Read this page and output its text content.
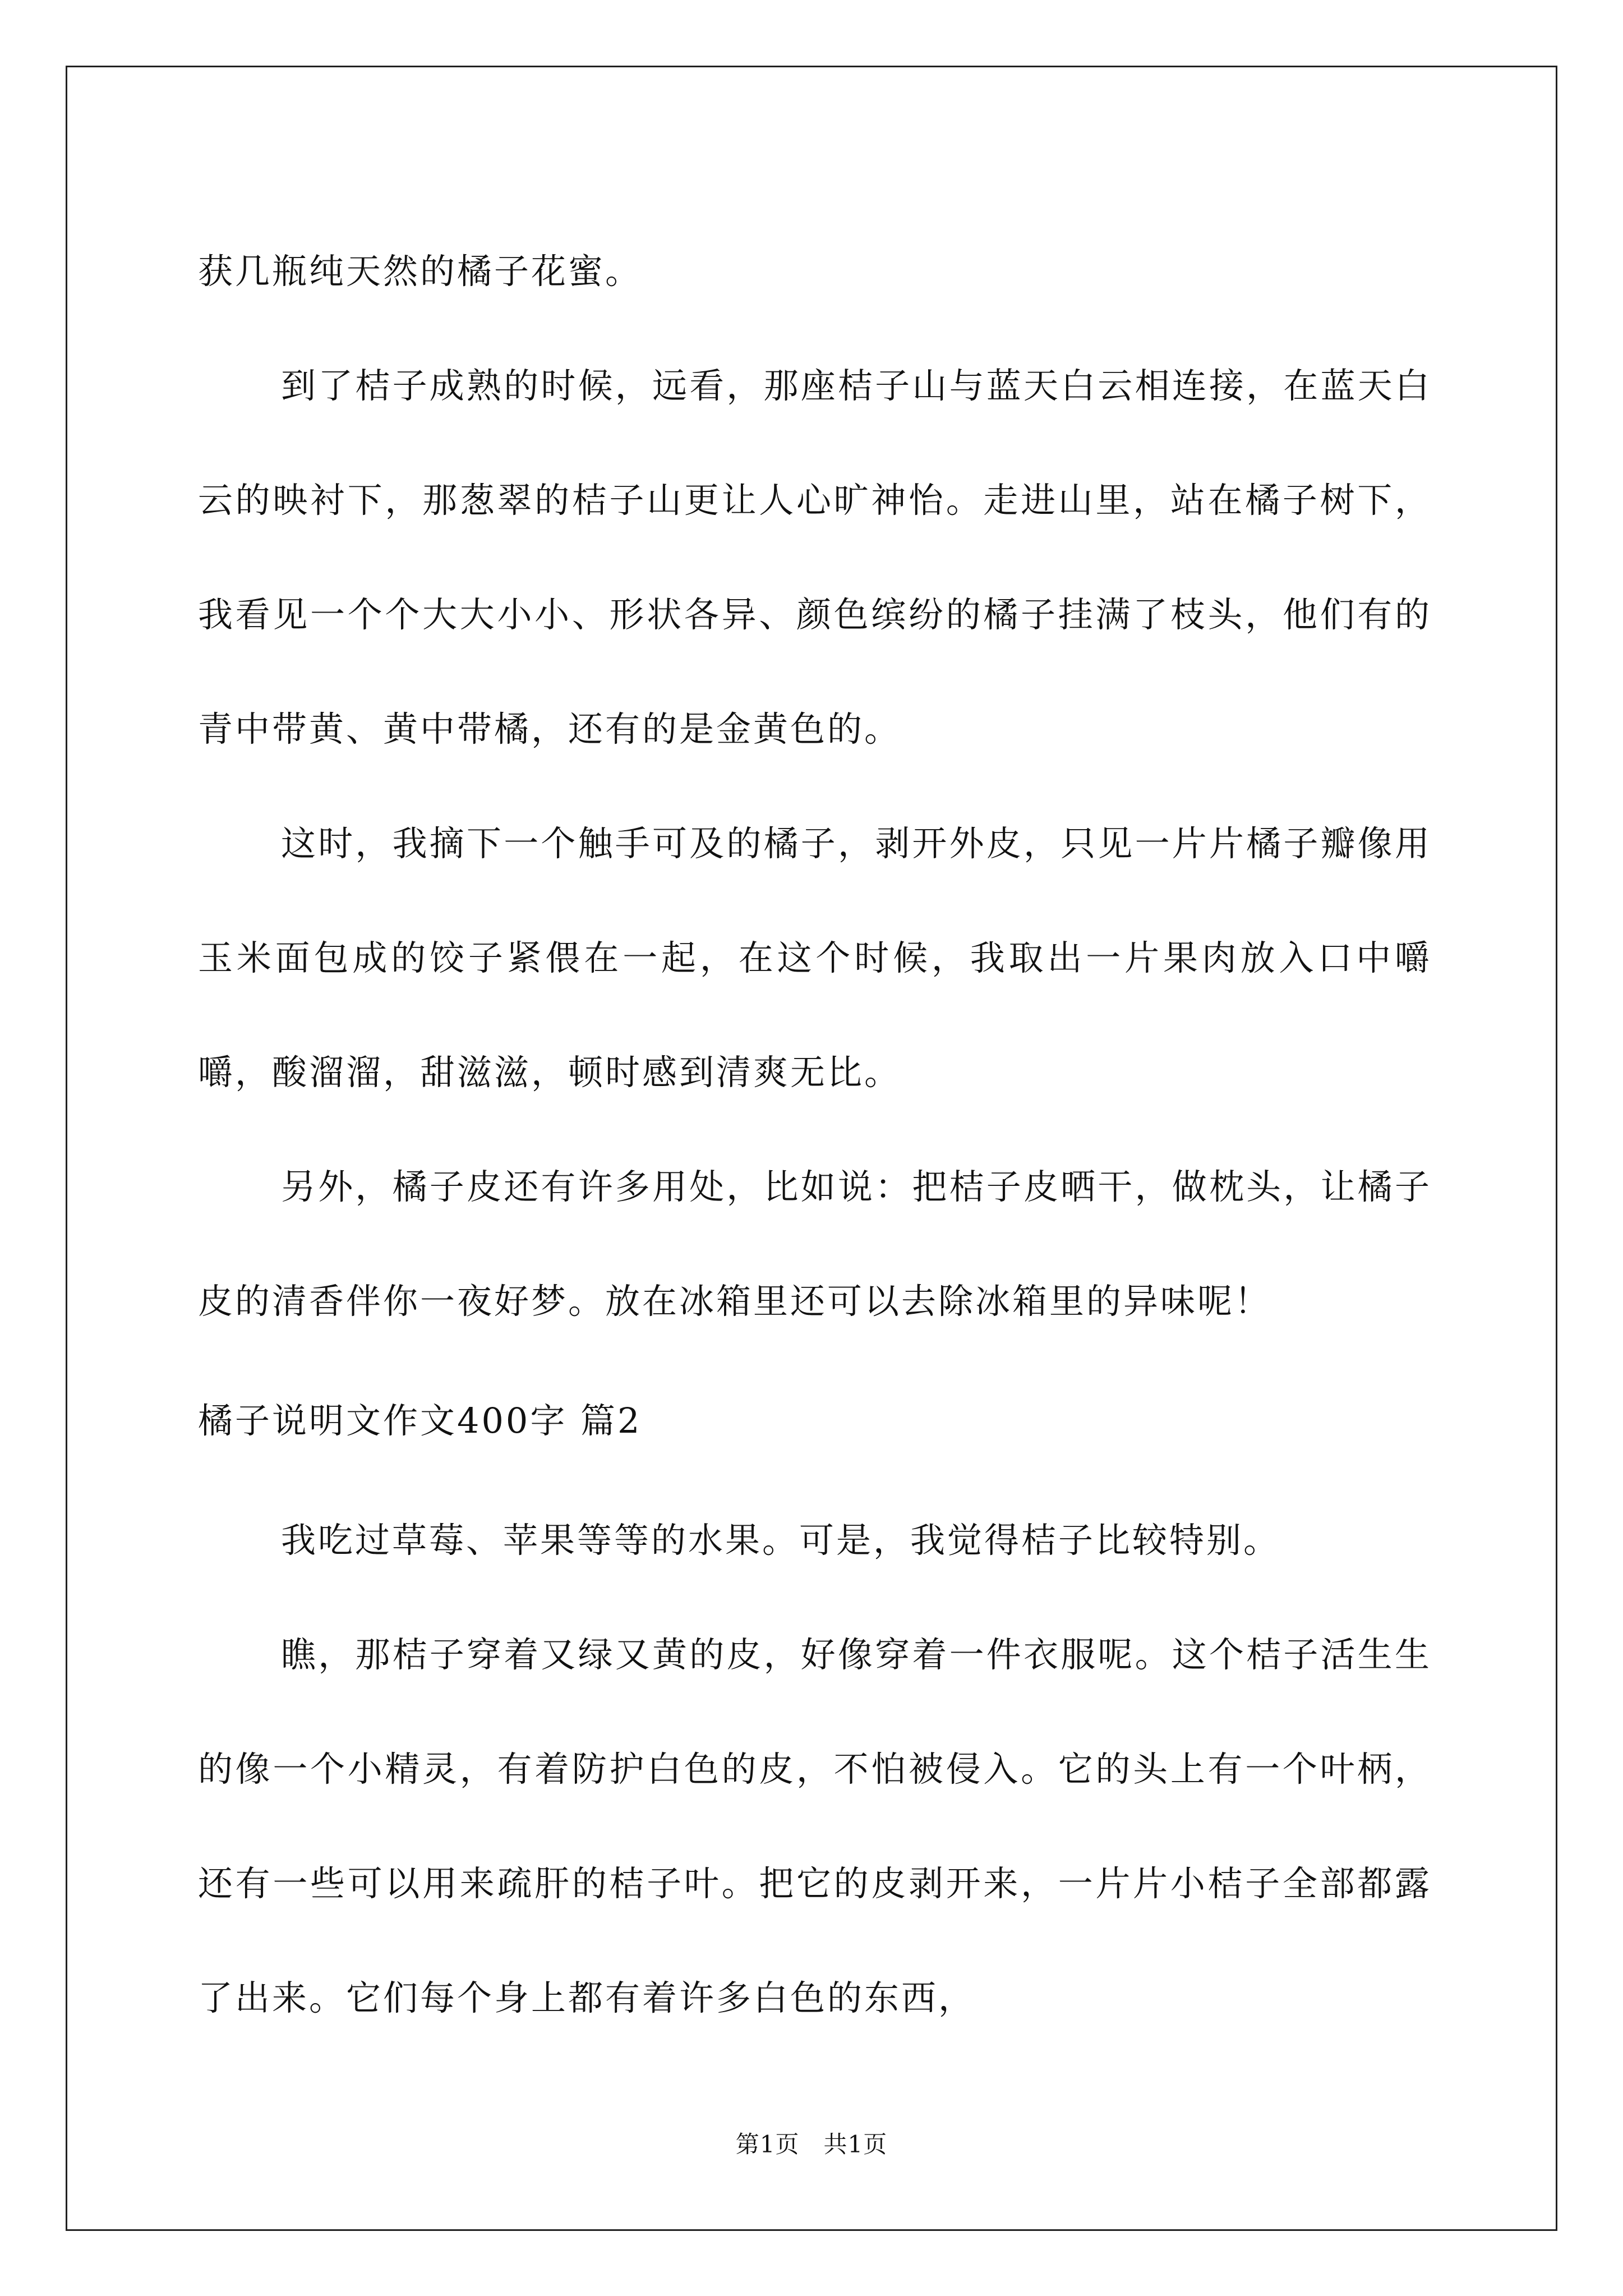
获几瓶纯天然的橘子花蜜。

到了桔子成熟的时候，远看，那座桔子山与蓝天白云相连接，在蓝天白云的映衬下，那葱翠的桔子山更让人心旷神怡。走进山里，站在橘子树下，我看见一个个大大小小、形状各异、颜色缤纷的橘子挂满了枝头，他们有的青中带黄、黄中带橘，还有的是金黄色的。

这时，我摘下一个触手可及的橘子，剥开外皮，只见一片片橘子瓣像用玉米面包成的饺子紧偎在一起，在这个时候，我取出一片果肉放入口中嚼嚼，酸溜溜，甜滋滋，顿时感到清爽无比。

另外，橘子皮还有许多用处，比如说：把桔子皮晒干，做枕头，让橘子皮的清香伴你一夜好梦。放在冰箱里还可以去除冰箱里的异味呢！

橘子说明文作文400字 篇2

我吃过草莓、苹果等等的水果。可是，我觉得桔子比较特别。

瞧，那桔子穿着又绿又黄的皮，好像穿着一件衣服呢。这个桔子活生生的像一个小精灵，有着防护白色的皮，不怕被侵入。它的头上有一个叶柄，还有一些可以用来疏肝的桔子叶。把它的皮剥开来，一片片小桔子全部都露了出来。它们每个身上都有着许多白色的东西，

第1页　共1页
